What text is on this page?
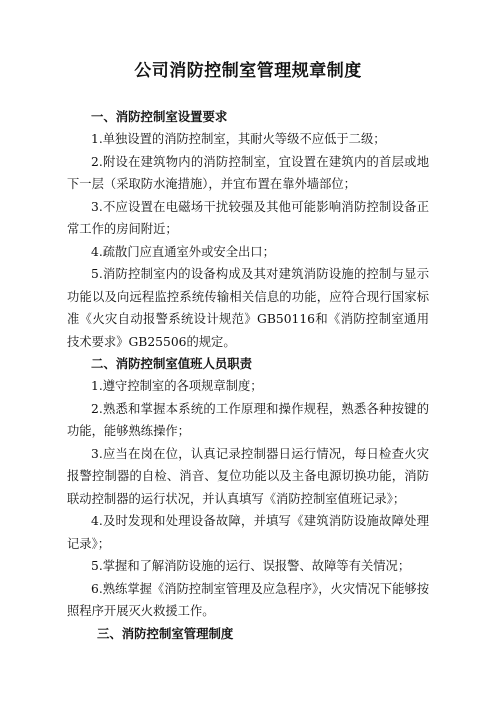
公司消防控制室管理规章制度

一、消防控制室设置要求

1.单独设置的消防控制室，其耐火等级不应低于二级；

2.附设在建筑物内的消防控制室，宜设置在建筑内的首层或地下一层（采取防水淹措施），并宜布置在靠外墙部位；

3.不应设置在电磁场干扰较强及其他可能影响消防控制设备正常工作的房间附近；

4.疏散门应直通室外或安全出口；

5.消防控制室内的设备构成及其对建筑消防设施的控制与显示功能以及向远程监控系统传输相关信息的功能，应符合现行国家标准《火灾自动报警系统设计规范》GB50116和《消防控制室通用技术要求》GB25506的规定。

二、消防控制室值班人员职责

1.遵守控制室的各项规章制度；

2.熟悉和掌握本系统的工作原理和操作规程，熟悉各种按键的功能，能够熟练操作；

3.应当在岗在位，认真记录控制器日运行情况，每日检查火灾报警控制器的自检、消音、复位功能以及主备电源切换功能，消防联动控制器的运行状况，并认真填写《消防控制室值班记录》；

4.及时发现和处理设备故障，并填写《建筑消防设施故障处理记录》；

5.掌握和了解消防设施的运行、误报警、故障等有关情况；

6.熟练掌握《消防控制室管理及应急程序》，火灾情况下能够按照程序开展灭火救援工作。

三、消防控制室管理制度
